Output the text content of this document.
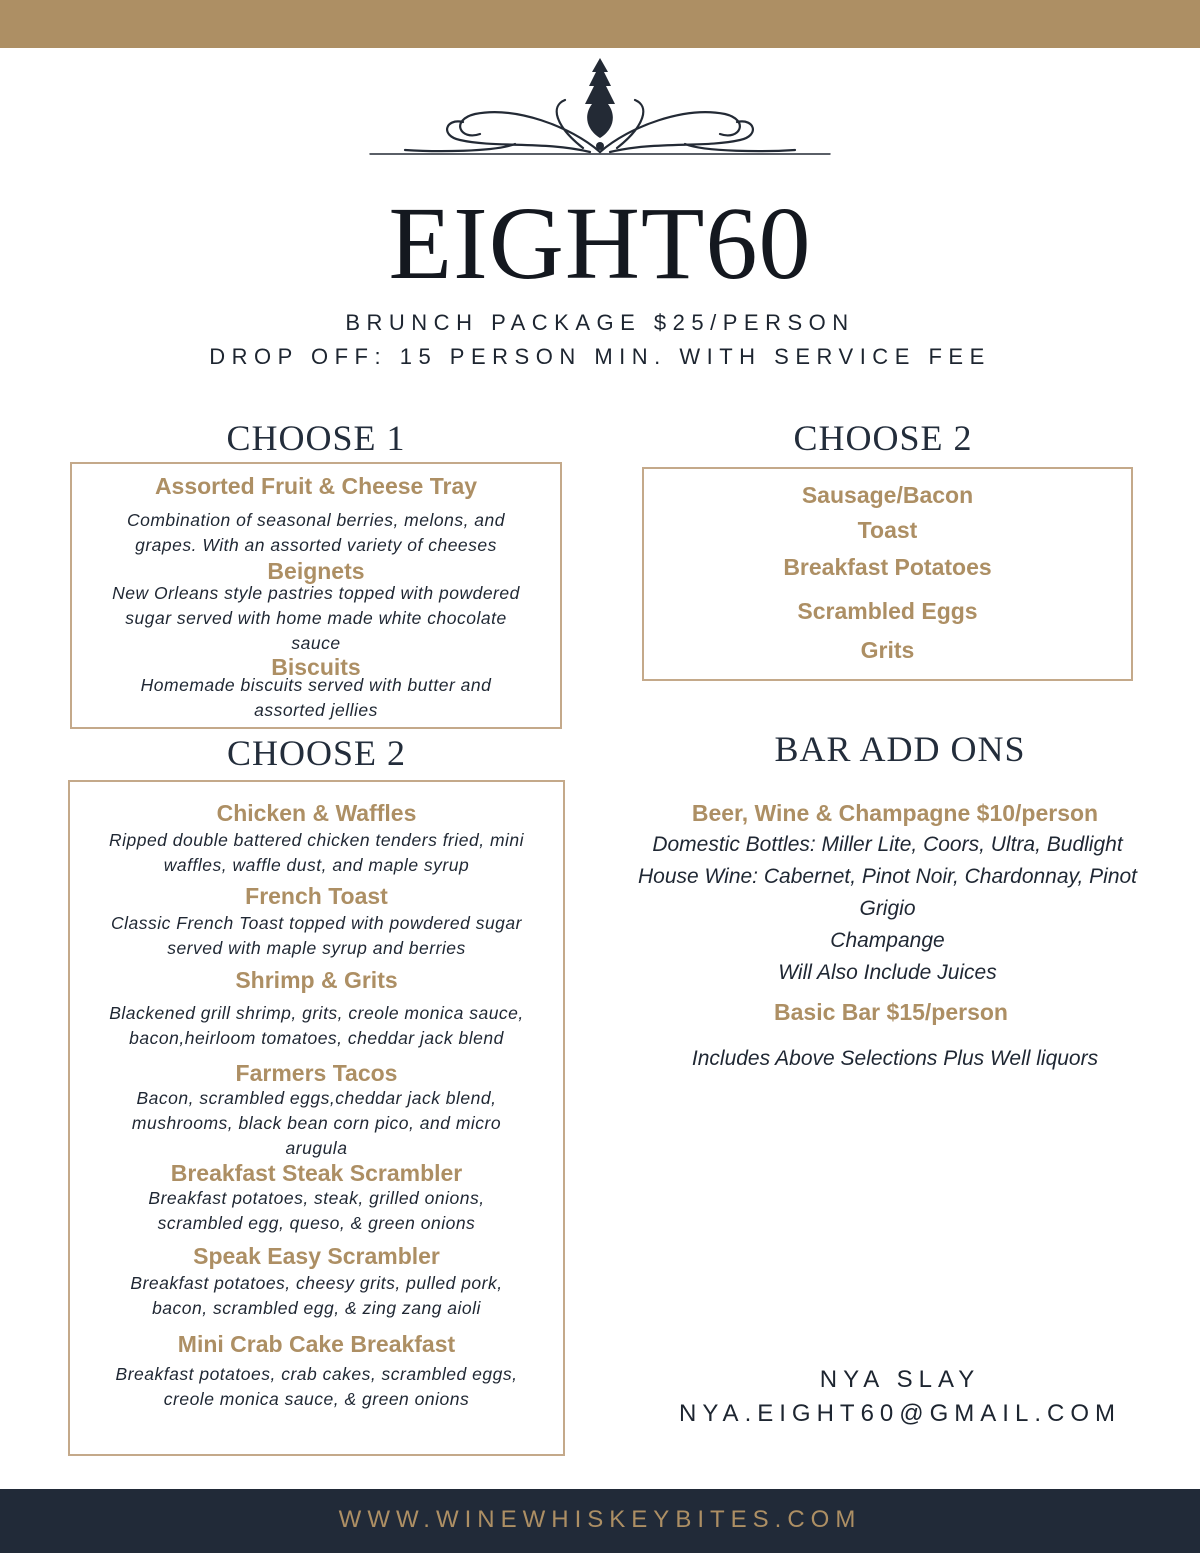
EIGHT60
BRUNCH PACKAGE $25/PERSON
DROP OFF: 15 PERSON MIN. WITH SERVICE FEE
CHOOSE 1
Assorted Fruit & Cheese Tray
Combination of seasonal berries, melons, and
grapes. With an assorted variety of cheeses
Beignets
New Orleans style pastries topped with powdered
sugar served with home made white chocolate
sauce
Biscuits
Homemade biscuits served with butter and
assorted jellies
CHOOSE 2
Sausage/Bacon
Toast
Breakfast Potatoes
Scrambled Eggs
Grits
CHOOSE 2
Chicken & Waffles
Ripped double battered chicken tenders fried, mini
waffles, waffle dust, and maple syrup
French Toast
Classic French Toast topped with powdered sugar
served with maple syrup and berries
Shrimp & Grits
Blackened grill shrimp, grits, creole monica sauce,
bacon,heirloom tomatoes, cheddar jack blend
Farmers Tacos
Bacon, scrambled eggs,cheddar jack blend,
mushrooms, black bean corn pico, and micro
arugula
Breakfast Steak Scrambler
Breakfast potatoes, steak, grilled onions,
scrambled egg, queso, & green onions
Speak Easy Scrambler
Breakfast potatoes, cheesy grits, pulled pork,
bacon, scrambled egg, & zing zang aioli
Mini Crab Cake Breakfast
Breakfast potatoes, crab cakes, scrambled eggs,
creole monica sauce, & green onions
BAR ADD ONS
Beer, Wine & Champagne $10/person
Domestic Bottles: Miller Lite, Coors, Ultra, Budlight
House Wine: Cabernet, Pinot Noir, Chardonnay, Pinot
Grigio
Champange
Will Also Include Juices
Basic Bar $15/person
Includes Above Selections Plus Well liquors
NYA SLAY
NYA.EIGHT60@GMAIL.COM
WWW.WINEWHISKEYBITES.COM
